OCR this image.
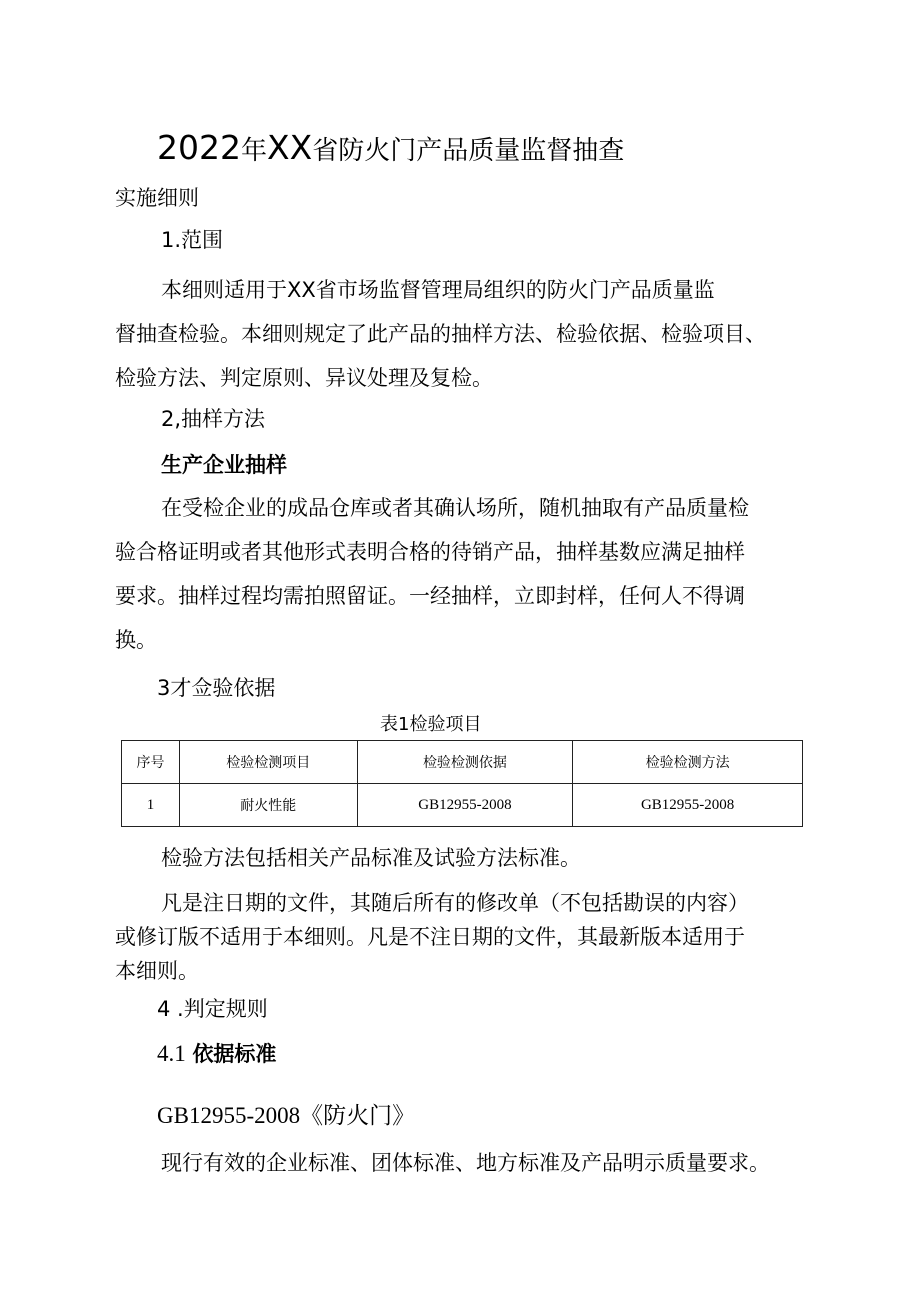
2022年XX省防火门产品质量监督抽查
实施细则
1.范围
本细则适用于XX省市场监督管理局组织的防火门产品质量监
督抽查检验。本细则规定了此产品的抽样方法、检验依据、检验项目、
检验方法、判定原则、异议处理及复检。
2,抽样方法
生产企业抽样
在受检企业的成品仓库或者其确认场所，随机抽取有产品质量检
验合格证明或者其他形式表明合格的待销产品，抽样基数应满足抽样
要求。抽样过程均需拍照留证。一经抽样，立即封样，任何人不得调
换。
3才佥验依据
表1检验项目
序号	检验检测项目	检验检测依据	检验检测方法
1	耐火性能	GB12955-2008	GB12955-2008
检验方法包括相关产品标准及试验方法标准。
凡是注日期的文件，其随后所有的修改单（不包括勘误的内容）
或修订版不适用于本细则。凡是不注日期的文件，其最新版本适用于
本细则。
4 .判定规则
4.1 依据标准
GB12955-2008《防火门》
现行有效的企业标准、团体标准、地方标准及产品明示质量要求。
